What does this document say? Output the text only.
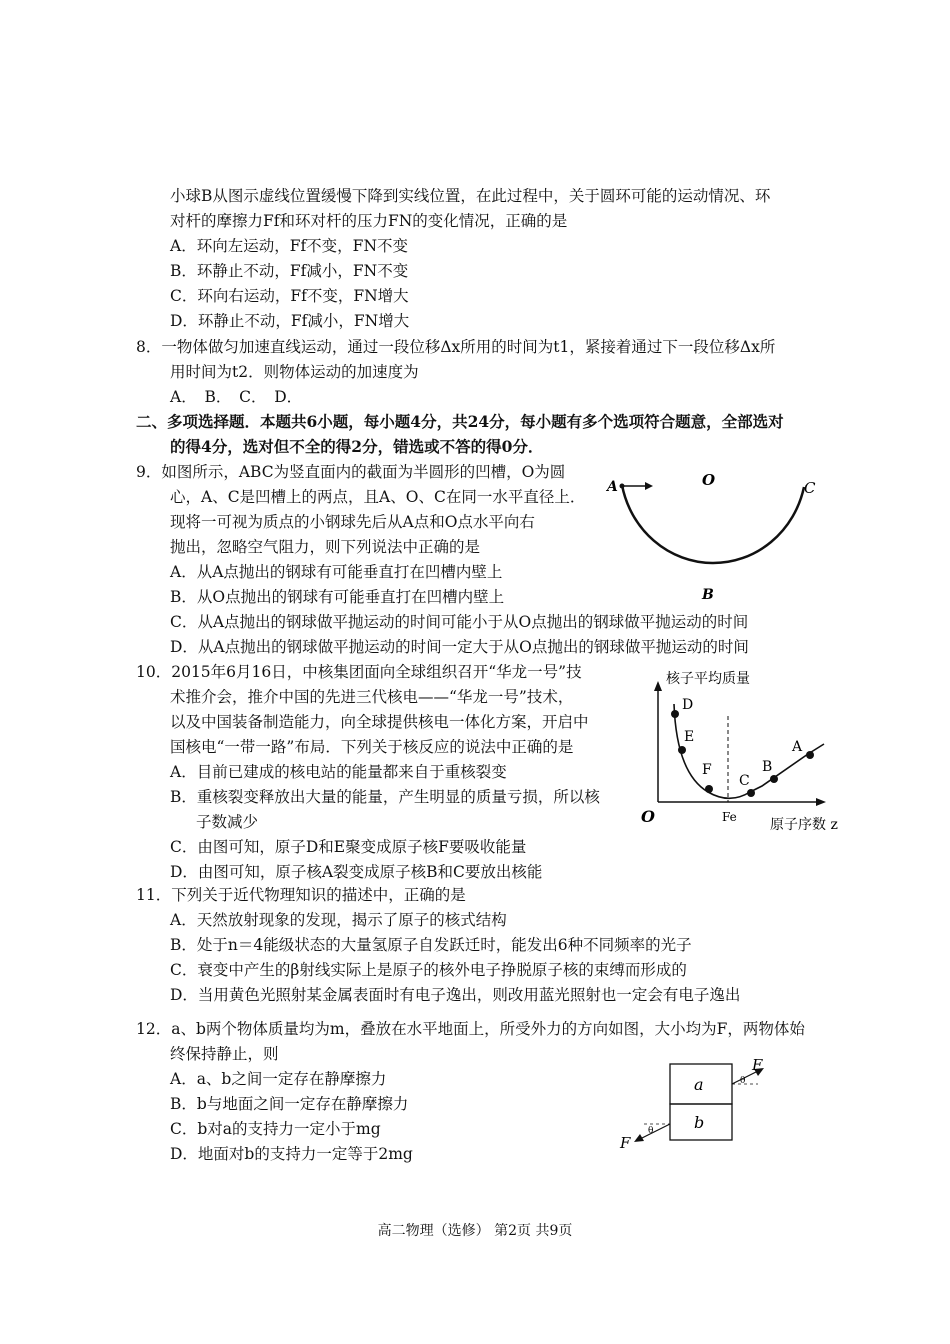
小球B从图示虚线位置缓慢下降到实线位置，在此过程中，关于圆环可能的运动情况、环
对杆的摩擦力Ff和环对杆的压力FN的变化情况，正确的是
A．环向左运动，Ff不变，FN不变
B．环静止不动，Ff减小，FN不变
C．环向右运动，Ff不变，FN增大
D．环静止不动，Ff减小，FN增大
8．一物体做匀加速直线运动，通过一段位移Δx所用的时间为t1，紧接着通过下一段位移Δx所
用时间为t2．则物体运动的加速度为
A．　B．　C．　D．
二、多项选择题．本题共6小题，每小题4分，共24分，每小题有多个选项符合题意，全部选对
的得4分，选对但不全的得2分，错选或不答的得0分．
9．如图所示，ABC为竖直面内的截面为半圆形的凹槽，O为圆
心，A、C是凹槽上的两点，且A、O、C在同一水平直径上．
现将一可视为质点的小钢球先后从A点和O点水平向右
抛出，忽略空气阻力，则下列说法中正确的是
A．从A点抛出的钢球有可能垂直打在凹槽内壁上
B．从O点抛出的钢球有可能垂直打在凹槽内壁上
C．从A点抛出的钢球做平抛运动的时间可能小于从O点抛出的钢球做平抛运动的时间
D．从A点抛出的钢球做平抛运动的时间一定大于从O点抛出的钢球做平抛运动的时间
A	O	C
B
10．2015年6月16日，中核集团面向全球组织召开“华龙一号”技
术推介会，推介中国的先进三代核电——“华龙一号”技术，
以及中国装备制造能力，向全球提供核电一体化方案，开启中
国核电“一带一路”布局．下列关于核反应的说法中正确的是
A．目前已建成的核电站的能量都来自于重核裂变
B．重核裂变释放出大量的能量，产生明显的质量亏损，所以核
子数减少
C．由图可知，原子D和E聚变成原子核F要吸收能量
D．由图可知，原子核A裂变成原子核B和C要放出核能
核子平均质量
原子序数 z
O	Fe
D
E
F
C
B
A
11．下列关于近代物理知识的描述中，正确的是
A．天然放射现象的发现，揭示了原子的核式结构
B．处于n＝4能级状态的大量氢原子自发跃迁时，能发出6种不同频率的光子
C．衰变中产生的β射线实际上是原子的核外电子挣脱原子核的束缚而形成的
D．当用黄色光照射某金属表面时有电子逸出，则改用蓝光照射也一定会有电子逸出
12．a、b两个物体质量均为m，叠放在水平地面上，所受外力的方向如图，大小均为F，两物体始
终保持静止，则
A．a、b之间一定存在静摩擦力
B．b与地面之间一定存在静摩擦力
C．b对a的支持力一定小于mg
D．地面对b的支持力一定等于2mg
a
b
θ
F
θ
F
高二物理（选修） 第2页 共9页
